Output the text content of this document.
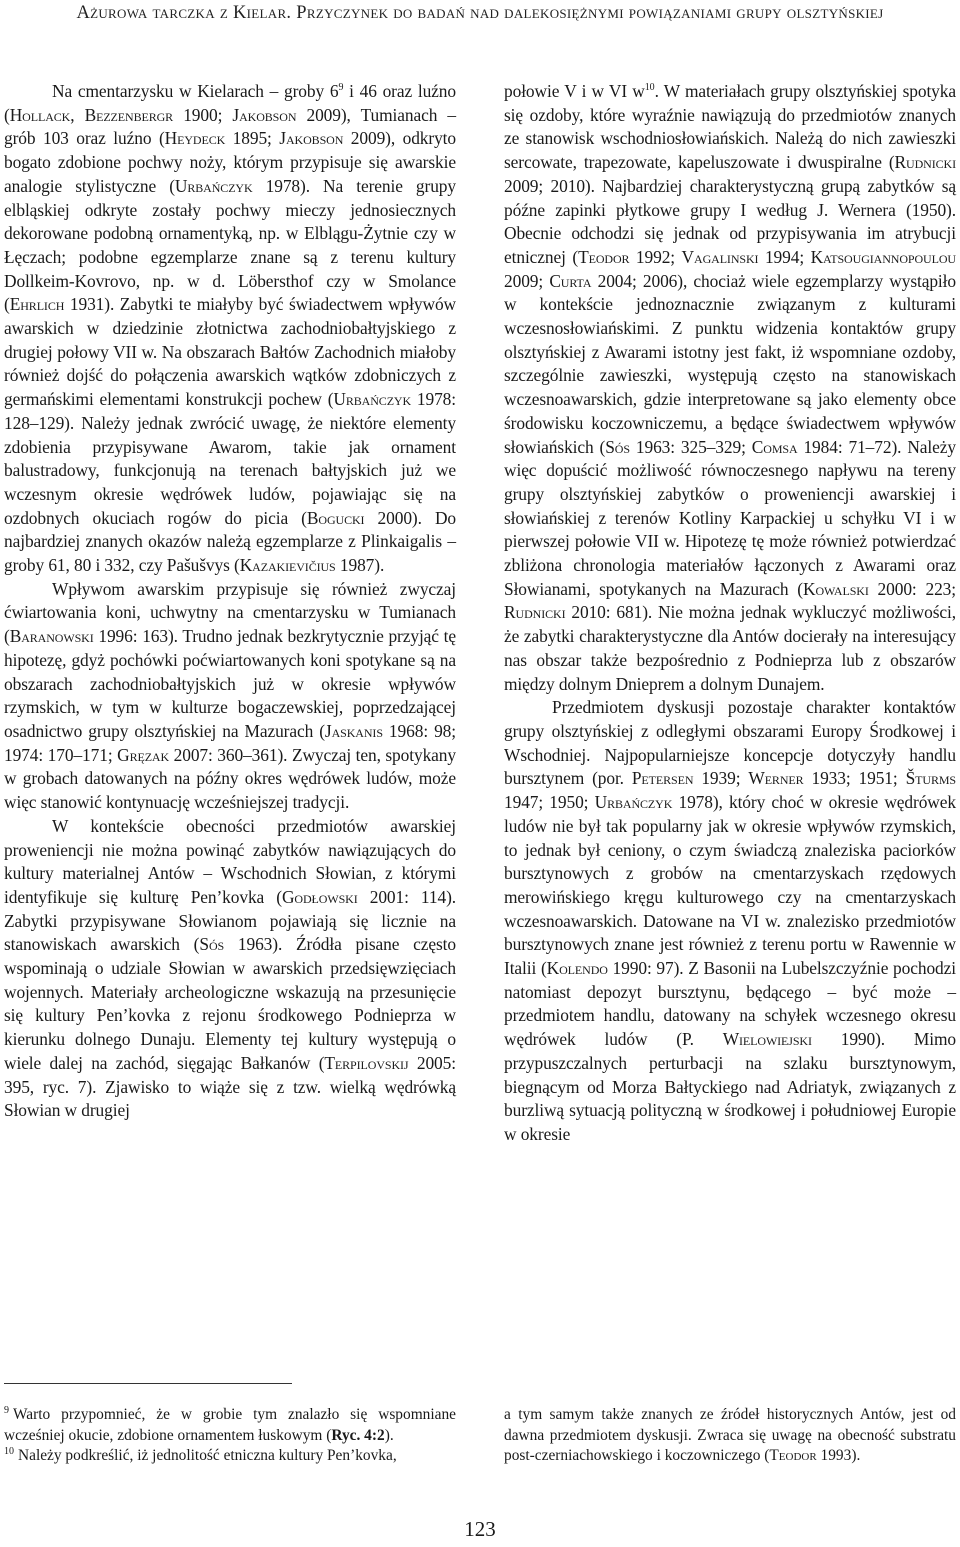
Ażurowa tarczka z Kielar. Przyczynek do badań nad dalekosiężnymi powiązaniami grupy olsztyńskiej

Na cmentarzysku w Kielarach – groby $6^9$ i 46 oraz luźno (Hollack, Bezzenbergr 1900; Jakobson 2009), Tumianach – grób 103 oraz luźno (Heydeck 1895; Jakobson 2009), odkryto bogato zdobione pochwy noży, którym przypisuje się awarskie analogie stylistyczne (Urbańczyk 1978). Na terenie grupy elbląskiej odkryte zostały pochwy mieczy jednosiecznych dekorowane podobną ornamentyką, np. w Elblągu-Żytnie czy w Łęczach; podobne egzemplarze znane są z terenu kultury Dollkeim-Kovrovo, np. w d. Löbersthof czy w Smolance (Ehrlich 1931). Zabytki te miałyby być świadectwem wpływów awarskich w dziedzinie złotnictwa zachodniobałtyjskiego z drugiej połowy VII w. Na obszarach Bałtów Zachodnich miałoby również dojść do połączenia awarskich wątków zdobniczych z germańskimi elementami konstrukcji pochew (Urbańczyk 1978: 128–129). Należy jednak zwrócić uwagę, że niektóre elementy zdobienia przypisywane Awarom, takie jak ornament balustradowy, funkcjonują na terenach bałtyjskich już we wczesnym okresie wędrówek ludów, pojawiając się na ozdobnych okuciach rogów do picia (Bogucki 2000). Do najbardziej znanych okazów należą egzemplarze z Plinkaigalis – groby 61, 80 i 332, czy Pašušvys (Kazakievičius 1987).

Wpływom awarskim przypisuje się również zwyczaj ćwiartowania koni, uchwytny na cmentarzysku w Tumianach (Baranowski 1996: 163). Trudno jednak bezkrytycznie przyjąć tę hipotezę, gdyż pochówki poćwiartowanych koni spotykane są na obszarach zachodniobałtyjskich już w okresie wpływów rzymskich, w tym w kulturze bogaczewskiej, poprzedzającej osadnictwo grupy olsztyńskiej na Mazurach (Jaskanis 1968: 98; 1974: 170–171; Gręzak 2007: 360–361). Zwyczaj ten, spotykany w grobach datowanych na późny okres wędrówek ludów, może więc stanowić kontynuację wcześniejszej tradycji.

W kontekście obecności przedmiotów awarskiej proweniencji nie można powinąć zabytków nawiązujących do kultury materialnej Antów – Wschodnich Słowian, z którymi identyfikuje się kulturę Pen’kovka (Godłowski 2001: 114). Zabytki przypisywane Słowianom pojawiają się licznie na stanowiskach awarskich (Sós 1963). Źródła pisane często wspominają o udziale Słowian w awarskich przedsięwzięciach wojennych. Materiały archeologiczne wskazują na przesunięcie się kultury Pen’kovka z rejonu środkowego Podnieprza w kierunku dolnego Dunaju. Elementy tej kultury występują o wiele dalej na zachód, sięgając Bałkanów (Terpilovskij 2005: 395, ryc. 7). Zjawisko to wiąże się z tzw. wielką wędrówką Słowian w drugiej

połowie V i w VI $w^{10}$. W materiałach grupy olsztyńskiej spotyka się ozdoby, które wyraźnie nawiązują do przedmiotów znanych ze stanowisk wschodniosłowiańskich. Należą do nich zawieszki sercowate, trapezowate, kapeluszowate i dwuspiralne (Rudnicki 2009; 2010). Najbardziej charakterystyczną grupą zabytków są późne zapinki płytkowe grupy I według J. Wernera (1950). Obecnie odchodzi się jednak od przypisywania im atrybucji etnicznej (Teodor 1992; Vagalinski 1994; Katsougiannopoulou 2009; Curta 2004; 2006), chociaż wiele egzemplarzy wystąpiło w kontekście jednoznacznie związanym z kulturami wczesnosłowiańskimi. Z punktu widzenia kontaktów grupy olsztyńskiej z Awarami istotny jest fakt, iż wspomniane ozdoby, szczególnie zawieszki, występują często na stanowiskach wczesnoawarskich, gdzie interpretowane są jako elementy obce środowisku koczowniczemu, a będące świadectwem wpływów słowiańskich (Sós 1963: 325–329; Comsa 1984: 71–72). Należy więc dopuścić możliwość równoczesnego napływu na tereny grupy olsztyńskiej zabytków o proweniencji awarskiej i słowiańskiej z terenów Kotliny Karpackiej u schyłku VI i w pierwszej połowie VII w. Hipotezę tę może również potwierdzać zbliżona chronologia materiałów łączonych z Awarami oraz Słowianami, spotykanych na Mazurach (Kowalski 2000: 223; Rudnicki 2010: 681). Nie można jednak wykluczyć możliwości, że zabytki charakterystyczne dla Antów docierały na interesujący nas obszar także bezpośrednio z Podnieprza lub z obszarów między dolnym Dnieprem a dolnym Dunajem.

Przedmiotem dyskusji pozostaje charakter kontaktów grupy olsztyńskiej z odległymi obszarami Europy Środkowej i Wschodniej. Najpopularniejsze koncepcje dotyczyły handlu bursztynem (por. Petersen 1939; Werner 1933; 1951; Šturms 1947; 1950; Urbańczyk 1978), który choć w okresie wędrówek ludów nie był tak popularny jak w okresie wpływów rzymskich, to jednak był ceniony, o czym świadczą znaleziska paciorków bursztynowych z grobów na cmentarzyskach rzędowych merowińskiego kręgu kulturowego czy na cmentarzyskach wczesnoawarskich. Datowane na VI w. znalezisko przedmiotów bursztynowych znane jest również z terenu portu w Rawennie w Italii (Kolendo 1990: 97). Z Basonii na Lubelszczyźnie pochodzi natomiast depozyt bursztynu, będącego – być może – przedmiotem handlu, datowany na schyłek wczesnego okresu wędrówek ludów (P. Wielowiejski 1990). Mimo przypuszczalnych perturbacji na szlaku bursztynowym, biegnącym od Morza Bałtyckiego nad Adriatyk, związanych z burzliwą sytuacją polityczną w środkowej i południowej Europie w okresie

$^9$ Warto przypomnieć, że w grobie tym znalazło się wspomniane wcześniej okucie, zdobione ornamentem łuskowym (Ryc. 4:2).

$^{10}$ Należy podkreślić, iż jednolitość etniczna kultury Pen’kovka,

a tym samym także znanych ze źródeł historycznych Antów, jest od dawna przedmiotem dyskusji. Zwraca się uwagę na obecność substratu post-czerniachowskiego i koczowniczego (Teodor 1993).

123
